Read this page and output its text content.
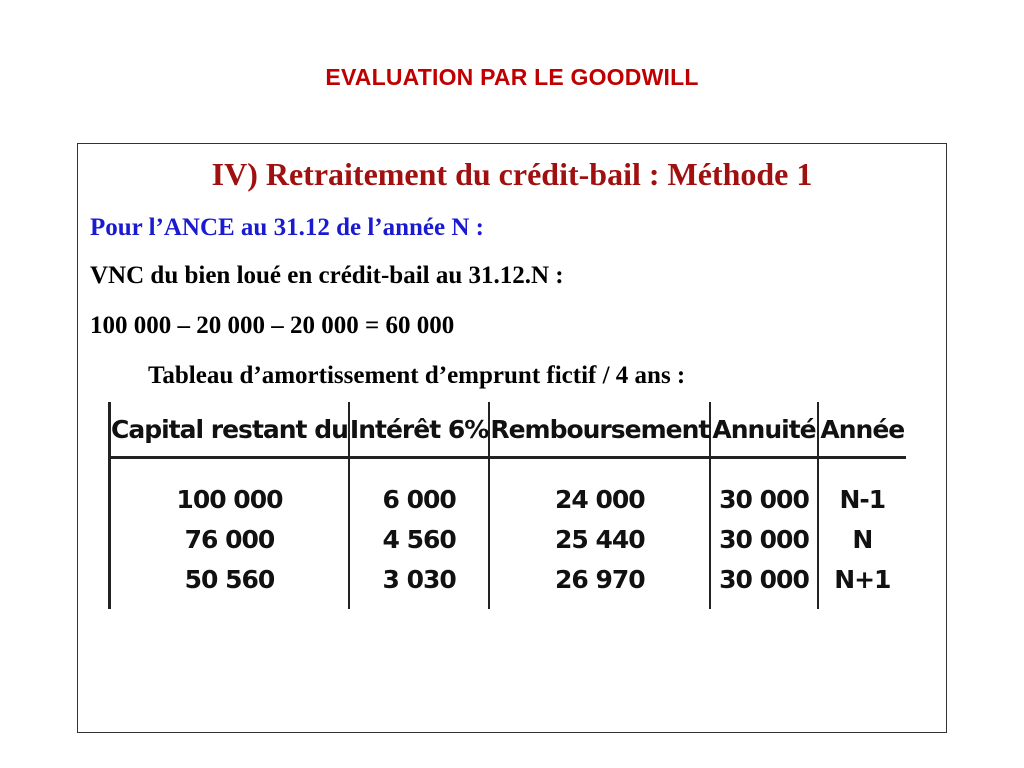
EVALUATION PAR LE GOODWILL
IV) Retraitement du crédit-bail : Méthode 1
Pour l’ANCE au 31.12 de l’année N :
VNC du bien loué en crédit-bail au 31.12.N :
100 000 – 20 000 – 20 000 = 60 000
Tableau d’amortissement d’emprunt fictif / 4 ans :
Capital restant du	Intérêt 6%	Remboursement	Annuité	Année
100 000	6 000	24 000	30 000	N-1
76 000	4 560	25 440	30 000	N
50 560	3 030	26 970	30 000	N+1
